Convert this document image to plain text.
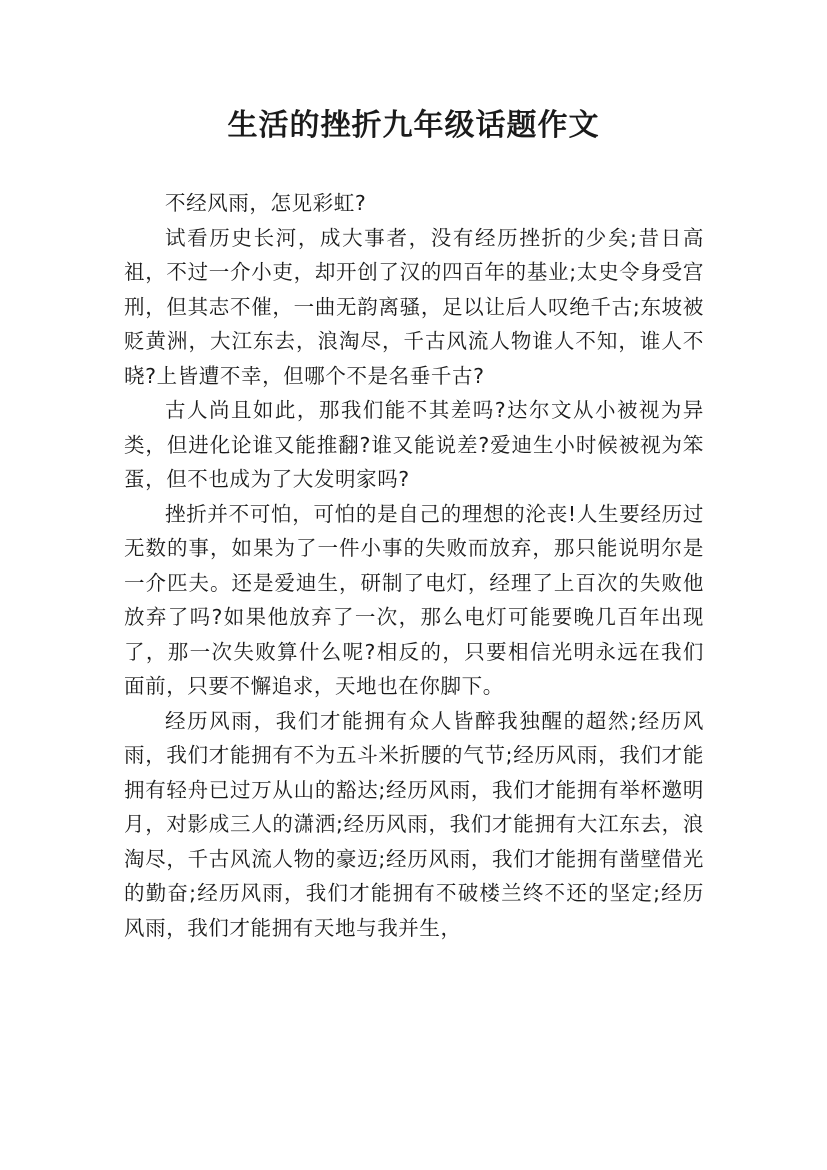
生活的挫折九年级话题作文

不经风雨，怎见彩虹?

试看历史长河，成大事者，没有经历挫折的少矣;昔日高祖，不过一介小吏，却开创了汉的四百年的基业;太史令身受宫刑，但其志不催，一曲无韵离骚，足以让后人叹绝千古;东坡被贬黄洲，大江东去，浪淘尽，千古风流人物谁人不知，谁人不晓?上皆遭不幸，但哪个不是名垂千古?

古人尚且如此，那我们能不其差吗?达尔文从小被视为异类，但进化论谁又能推翻?谁又能说差?爱迪生小时候被视为笨蛋，但不也成为了大发明家吗?

挫折并不可怕，可怕的是自己的理想的沦丧!人生要经历过无数的事，如果为了一件小事的失败而放弃，那只能说明尔是一介匹夫。还是爱迪生，研制了电灯，经理了上百次的失败他放弃了吗?如果他放弃了一次，那么电灯可能要晚几百年出现了，那一次失败算什么呢?相反的，只要相信光明永远在我们面前，只要不懈追求，天地也在你脚下。

经历风雨，我们才能拥有众人皆醉我独醒的超然;经历风雨，我们才能拥有不为五斗米折腰的气节;经历风雨，我们才能拥有轻舟已过万从山的豁达;经历风雨，我们才能拥有举杯邀明月，对影成三人的潇洒;经历风雨，我们才能拥有大江东去，浪淘尽，千古风流人物的豪迈;经历风雨，我们才能拥有凿壁借光的勤奋;经历风雨，我们才能拥有不破楼兰终不还的坚定;经历风雨，我们才能拥有天地与我并生，
